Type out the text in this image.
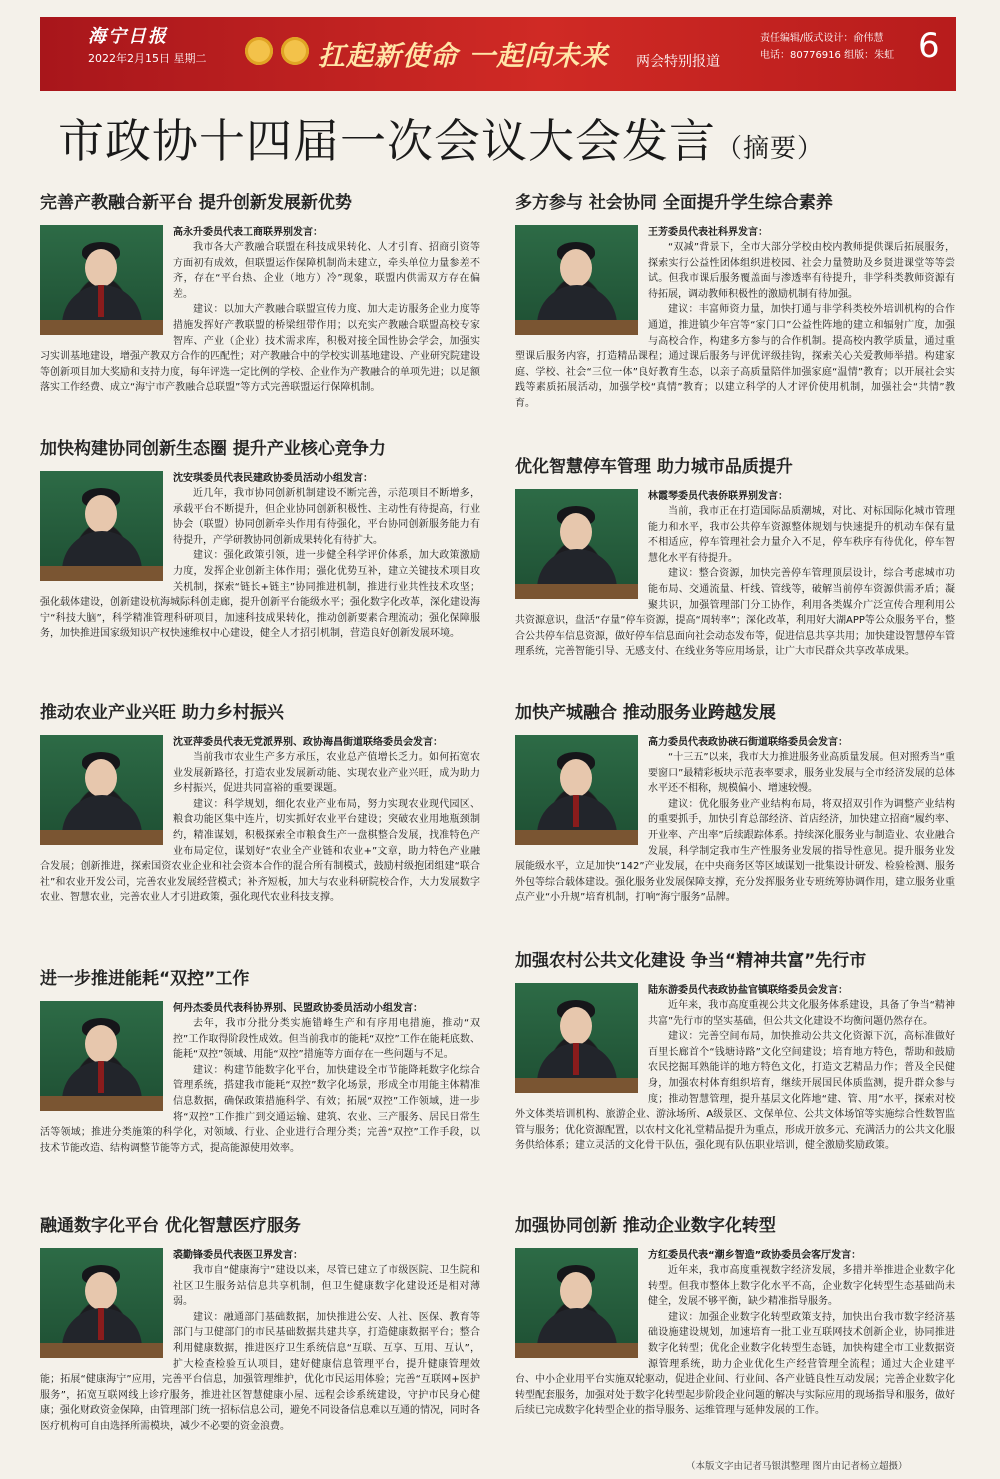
海宁日报
2022年2月15日 星期二	扛起新使命 一起向未来 两会特别报道
责任编辑/版式设计：俞伟慧
电话：80776916 组版：朱虹 6
市政协十四届一次会议大会发言（摘要）
完善产教融合新平台 提升创新发展新优势

高永升委员代表工商联界别发言：

我市各大产教融合联盟在科技成果转化、人才引育、招商引资等方面初有成效，但联盟运作保障机制尚未建立，牵头单位力量参差不齐，存在“平台热、企业（地方）冷”现象，联盟内供需双方存在偏差。

建议：以加大产教融合联盟宣传力度、加大走访服务企业力度等措施发挥好产教联盟的桥梁纽带作用；以充实产教融合联盟高校专家智库、产业（企业）技术需求库，积极对接全国性协会学会，加强实习实训基地建设，增强产教双方合作的匹配性；对产教融合中的学校实训基地建设、产业研究院建设等创新项目加大奖励和支持力度，每年评选一定比例的学校、企业作为产教融合的单项先进；以足额落实工作经费、成立“海宁市产教融合总联盟”等方式完善联盟运行保障机制。

加快构建协同创新生态圈 提升产业核心竞争力

沈安琪委员代表民建政协委员活动小组发言：

近几年，我市协同创新机制建设不断完善，示范项目不断增多，承载平台不断提升，但企业协同创新积极性、主动性有待提高，行业协会（联盟）协同创新牵头作用有待强化，平台协同创新服务能力有待提升，产学研教协同创新成果转化有待扩大。

建议：强化政策引领，进一步健全科学评价体系，加大政策激励力度，发挥企业创新主体作用；强化优势互补，建立关键技术项目攻关机制，探索“链长+链主”协同推进机制，推进行业共性技术攻坚；强化载体建设，创新建设杭海城际科创走廊，提升创新平台能级水平；强化数字化改革，深化建设海宁“科技大脑”，科学精准管理科研项目，加速科技成果转化，推动创新要素合理流动；强化保障服务，加快推进国家级知识产权快速维权中心建设，健全人才招引机制，营造良好创新发展环境。

推动农业产业兴旺 助力乡村振兴

沈亚萍委员代表无党派界别、政协海昌街道联络委员会发言：

当前我市农业生产多方承压，农业总产值增长乏力。如何拓宽农业发展新路径，打造农业发展新动能、实现农业产业兴旺，成为助力乡村振兴，促进共同富裕的重要课题。

建议：科学规划，细化农业产业布局，努力实现农业现代园区、粮食功能区集中连片，切实抓好农业平台建设；突破农业用地瓶颈制约，精准谋划，积极探索全市粮食生产一盘棋整合发展，找准特色产业布局定位，谋划好“农业全产业链和农业+”文章，助力特色产业融合发展；创新推进，探索国资农业企业和社会资本合作的混合所有制模式，鼓励村级抱团组建“联合社”和农业开发公司，完善农业发展经营模式；补齐短板，加大与农业科研院校合作，大力发展数字农业、智慧农业，完善农业人才引进政策，强化现代农业科技支撑。

进一步推进能耗“双控”工作

何丹杰委员代表科协界别、民盟政协委员活动小组发言：

去年，我市分批分类实施错峰生产和有序用电措施，推动“双控”工作取得阶段性成效。但当前我市的能耗“双控”工作在能耗底数、能耗“双控”领域、用能“双控”措施等方面存在一些问题与不足。

建议：构建节能数字化平台，加快建设全市节能降耗数字化综合管理系统，搭建我市能耗“双控”数字化场景，形成全市用能主体精准信息数据，确保政策措施科学、有效；拓展“双控”工作领域，进一步将“双控”工作推广到交通运输、建筑、农业、三产服务、居民日常生活等领域；推进分类施策的科学化，对领域、行业、企业进行合理分类；完善“双控”工作手段，以技术节能改造、结构调整节能等方式，提高能源使用效率。

融通数字化平台 优化智慧医疗服务

裘勤锋委员代表医卫界发言：

我市自“健康海宁”建设以来，尽管已建立了市级医院、卫生院和社区卫生服务站信息共享机制，但卫生健康数字化建设还是相对薄弱。

建议：融通部门基础数据，加快推进公安、人社、医保、教育等部门与卫健部门的市民基础数据共建共享，打造健康数据平台；整合利用健康数据，推进医疗卫生系统信息“互联、互享、互用、互认”，扩大检查检验互认项目，建好健康信息管理平台，提升健康管理效能；拓展“健康海宁”应用，完善平台信息，加强管理维护，优化市民运用体验；完善“互联网+医护服务”，拓宽互联网线上诊疗服务，推进社区智慧健康小屋、远程会诊系统建设，守护市民身心健康；强化财政资金保障，由管理部门统一招标信息公司，避免不同设备信息难以互通的情况，同时各医疗机构可自由选择所需模块，减少不必要的资金浪费。

多方参与 社会协同 全面提升学生综合素养

王芳委员代表社科界发言：

“双减”背景下，全市大部分学校由校内教师提供课后拓展服务，探索实行公益性团体组织进校园、社会力量赞助及乡贤进课堂等等尝试。但我市课后服务覆盖面与渗透率有待提升，非学科类教师资源有待拓展，调动教师积极性的激励机制有待加强。

建议：丰富师资力量，加快打通与非学科类校外培训机构的合作通道，推进镇少年宫等“家门口”公益性阵地的建立和辐射广度，加强与高校合作，构建多方参与的合作机制。提高校内教学质量，通过重塑课后服务内容，打造精品课程；通过课后服务与评优评级挂钩，探索关心关爱教师举措。构建家庭、学校、社会“三位一体”良好教育生态，以亲子高质量陪伴加强家庭“温情”教育；以开展社会实践等素质拓展活动，加强学校“真情”教育；以建立科学的人才评价使用机制，加强社会“共情”教育。

优化智慧停车管理 助力城市品质提升

林霞琴委员代表侨联界别发言：

当前，我市正在打造国际品质潮城，对比、对标国际化城市管理能力和水平，我市公共停车资源整体规划与快速提升的机动车保有量不相适应，停车管理社会力量介入不足，停车秩序有待优化，停车智慧化水平有待提升。

建议：整合资源，加快完善停车管理顶层设计，综合考虑城市功能布局、交通流量、杆线、管线等，破解当前停车资源供需矛盾；凝聚共识，加强管理部门分工协作，利用各类媒介广泛宣传合理利用公共资源意识，盘活“存量”停车资源，提高“周转率”；深化改革，利用好大湖APP等公众服务平台，整合公共停车信息资源，做好停车信息面向社会动态发布等，促进信息共享共用；加快建设智慧停车管理系统，完善智能引导、无感支付、在线业务等应用场景，让广大市民群众共享改革成果。

加快产城融合 推动服务业跨越发展

高力委员代表政协硖石街道联络委员会发言：

“十三五”以来，我市大力推进服务业高质量发展。但对照秀当“重要窗口”最精彩板块示范表率要求，服务业发展与全市经济发展的总体水平还不相称，规模偏小、增速较慢。

建议：优化服务业产业结构布局，将双招双引作为调整产业结构的重要抓手，加快引育总部经济、首店经济，加快建立招商“履约率、开业率、产出率”后续跟踪体系。持续深化服务业与制造业、农业融合发展，科学制定我市生产性服务业发展的指导性意见。提升服务业发展能级水平，立足加快“142”产业发展，在中央商务区等区域谋划一批集设计研发、检验检测、服务外包等综合载体建设。强化服务业发展保障支撑，充分发挥服务业专班统筹协调作用，建立服务业重点产业“小升规”培育机制，打响“海宁服务”品牌。

加强农村公共文化建设 争当“精神共富”先行市

陆东游委员代表政协盐官镇联络委员会发言：

近年来，我市高度重视公共文化服务体系建设，具备了争当“精神共富”先行市的坚实基础，但公共文化建设不均衡问题仍然存在。

建议：完善空间布局，加快推动公共文化资源下沉，高标准做好百里长廊首个“钱塘诗路”文化空间建设；培育地方特色，帮助和鼓励农民挖掘耳熟能详的地方特色文化，打造文艺精品力作；普及全民健身，加强农村体育组织培育，继续开展国民体质监测，提升群众参与度；推动智慧管理，提升基层文化阵地“建、管、用”水平，探索对校外文体类培训机构、旅游企业、游泳场所、A级景区、文保单位、公共文体场馆等实施综合性数智监管与服务；优化资源配置，以农村文化礼堂精品提升为重点，形成开放多元、充满活力的公共文化服务供给体系；建立灵活的文化骨干队伍，强化现有队伍职业培训，健全激励奖励政策。

加强协同创新 推动企业数字化转型

方红委员代表“潮乡智造”政协委员会客厅发言：

近年来，我市高度重视数字经济发展，多措并举推进企业数字化转型。但我市整体上数字化水平不高，企业数字化转型生态基础尚未健全，发展不够平衡，缺少精准指导服务。

建议：加强企业数字化转型政策支持，加快出台我市数字经济基础设施建设规划，加速培育一批工业互联网技术创新企业，协同推进数字化转型；优化企业数字化转型生态链，加快构建全市工业数据资源管理系统，助力企业优化生产经营管理全流程；通过大企业建平台、中小企业用平台实施双轮驱动，促进企业间、行业间、各产业链良性互动发展；完善企业数字化转型配套服务，加强对处于数字化转型起步阶段企业问题的解决与实际应用的现场指导和服务，做好后续已完成数字化转型企业的指导服务、运维管理与延伸发展的工作。

（本版文字由记者马银淇整理 图片由记者杨立超摄）
